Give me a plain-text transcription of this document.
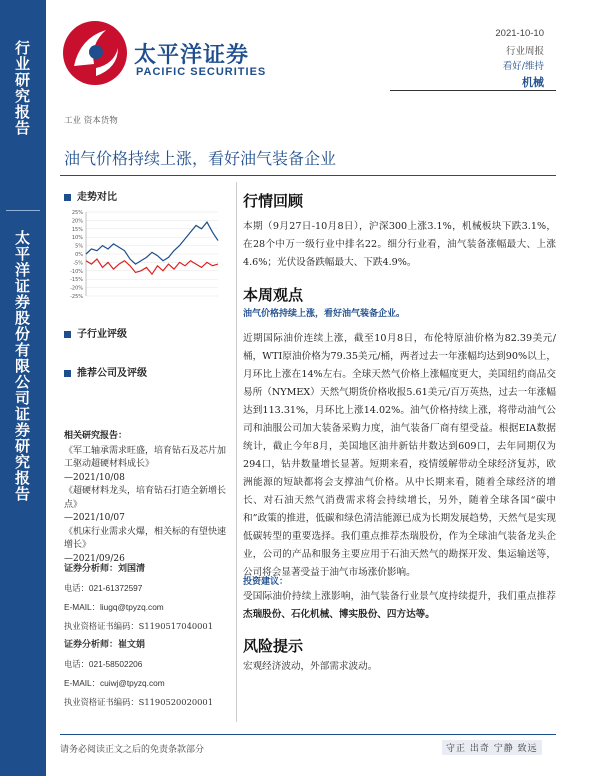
行业研究报告
太平洋证券股份有限公司证券研究报告
太平洋证券
PACIFIC SECURITIES
2021-10-10
行业周报
看好/维持
机械
工业 资本货物
油气价格持续上涨，看好油气装备企业
走势对比
25%
20%
15%
10%
5%
0%
-5%
-10%
-15%
-20%
-25%
子行业评级
推荐公司及评级
相关研究报告：
《军工轴承需求旺盛，培育钻石及芯片加工驱动超硬材料成长》
—2021/10/08
《超硬材料龙头，培育钻石打造全新增长点》
—2021/10/07
《机床行业需求火爆，相关标的有望快速增长》
—2021/09/26
证券分析师：刘国清
电话：021-61372597
E-MAIL：liugq@tpyzq.com
执业资格证书编码：S1190517040001
证券分析师：崔文娟
电话：021-58502206
E-MAIL：cuiwj@tpyzq.com
执业资格证书编码：S1190520020001
行情回顾
本期（9月27日-10月8日），沪深300上涨3.1%，机械板块下跌3.1%，在28个中万一级行业中排名22。细分行业看，油气装备涨幅最大、上涨4.6%；光伏设备跌幅最大、下跌4.9%。
本周观点
油气价格持续上涨，看好油气装备企业。
近期国际油价连续上涨，截至10月8日，布伦特原油价格为82.39美元/桶，WTI原油价格为79.35美元/桶，两者过去一年涨幅均达到90%以上，月环比上涨在14%左右。全球天然气价格上涨幅度更大，美国纽约商品交易所（NYMEX）天然气期货价格收报5.61美元/百万英热，过去一年涨幅达到113.31%，月环比上涨14.02%。油气价格持续上涨，将带动油气公司和油服公司加大装备采购力度，油气装备厂商有望受益。根据EIA数据统计，截止今年8月，美国地区油井新钻井数达到609口，去年同期仅为294口，钻井数量增长显著。短期来看，疫情缓解带动全球经济复苏，欧洲能源的短缺都将会支撑油气价格。从中长期来看，随着全球经济的增长、对石油天然气消费需求将会持续增长，另外，随着全球各国“碳中和”政策的推进，低碳和绿色清洁能源已成为长期发展趋势，天然气是实现低碳转型的重要选择。我们重点推荐杰瑞股份，作为全球油气装备龙头企业，公司的产品和服务主要应用于石油天然气的勘探开发、集运输送等，公司将会显著受益于油气市场涨价影响。
投资建议：
受国际油价持续上涨影响，油气装备行业景气度持续提升，我们重点推荐杰瑞股份、石化机械、博实股份、四方达等。
风险提示
宏观经济波动，外部需求波动。
请务必阅读正文之后的免责条款部分	守正 出奇 宁静 致远
